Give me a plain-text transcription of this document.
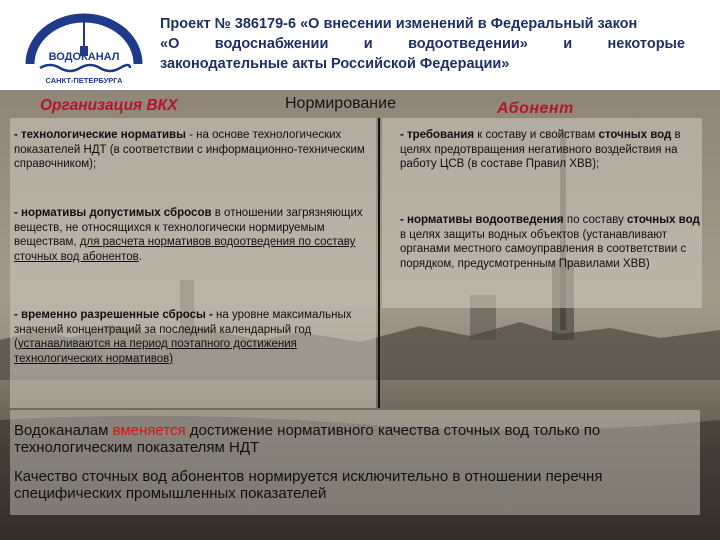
ВОДОКАНАЛ
САНКТ-ПЕТЕРБУРГА
Проект № 386179-6 «О внесении изменений в Федеральный закон
«О водоснабжении и водоотведении» и некоторые
законодательные акты Российской Федерации»
Организация ВКХ	Нормирование	Абонент
- технологические нормативы - на основе технологических показателей НДТ (в соответствии с информационно-техническим справочником);
- нормативы допустимых сбросов в отношении загрязняющих веществ, не относящихся к технологически нормируемым веществам, для расчета нормативов водоотведения по составу сточных вод абонентов.
- временно разрешенные сбросы - на уровне максимальных значений концентраций за последний календарный год (устанавливаются на период поэтапного достижения технологических нормативов)
- требования к составу и свойствам сточных вод в целях предотвращения негативного воздействия на работу ЦСВ (в составе Правил ХВВ);
- нормативы водоотведения по составу сточных вод в целях защиты водных объектов (устанавливают органами местного самоуправления в соответствии с порядком, предусмотренным Правилами ХВВ)

Водоканалам вменяется достижение нормативного качества сточных вод только по технологическим показателям НДТ

Качество сточных вод абонентов нормируется исключительно в отношении перечня специфических промышленных показателей
